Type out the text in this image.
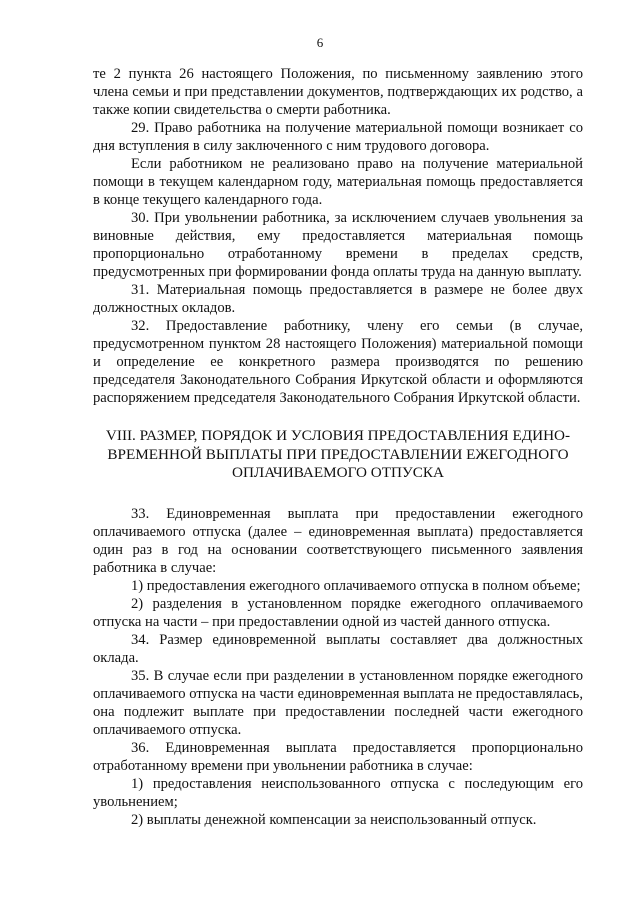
6

те 2 пункта 26 настоящего Положения, по письменному заявлению этого члена семьи и при представлении документов, подтверждающих их родство, а также копии свидетельства о смерти работника.

29. Право работника на получение материальной помощи возникает со дня вступления в силу заключенного с ним трудового договора.

Если работником не реализовано право на получение материальной помощи в текущем календарном году, материальная помощь предоставляется в конце текущего календарного года.

30. При увольнении работника, за исключением случаев увольнения за виновные действия, ему предоставляется материальная помощь пропорционально отработанному времени в пределах средств, предусмотренных при формировании фонда оплаты труда на данную выплату.

31. Материальная помощь предоставляется в размере не более двух должностных окладов.

32. Предоставление работнику, члену его семьи (в случае, предусмотренном пунктом 28 настоящего Положения) материальной помощи и определение ее конкретного размера производятся по решению председателя Законодательного Собрания Иркутской области и оформляются распоряжением председателя Законодательного Собрания Иркутской области.

VIII. РАЗМЕР, ПОРЯДОК И УСЛОВИЯ ПРЕДОСТАВЛЕНИЯ ЕДИНО-
ВРЕМЕННОЙ ВЫПЛАТЫ ПРИ ПРЕДОСТАВЛЕНИИ ЕЖЕГОДНОГО
ОПЛАЧИВАЕМОГО ОТПУСКА

33. Единовременная выплата при предоставлении ежегодного оплачиваемого отпуска (далее – единовременная выплата) предоставляется один раз в год на основании соответствующего письменного заявления работника в случае:

1) предоставления ежегодного оплачиваемого отпуска в полном объеме;

2) разделения в установленном порядке ежегодного оплачиваемого отпуска на части – при предоставлении одной из частей данного отпуска.

34. Размер единовременной выплаты составляет два должностных оклада.

35. В случае если при разделении в установленном порядке ежегодного оплачиваемого отпуска на части единовременная выплата не предоставлялась, она подлежит выплате при предоставлении последней части ежегодного оплачиваемого отпуска.

36. Единовременная выплата предоставляется пропорционально отработанному времени при увольнении работника в случае:

1) предоставления неиспользованного отпуска с последующим его увольнением;

2) выплаты денежной компенсации за неиспользованный отпуск.
